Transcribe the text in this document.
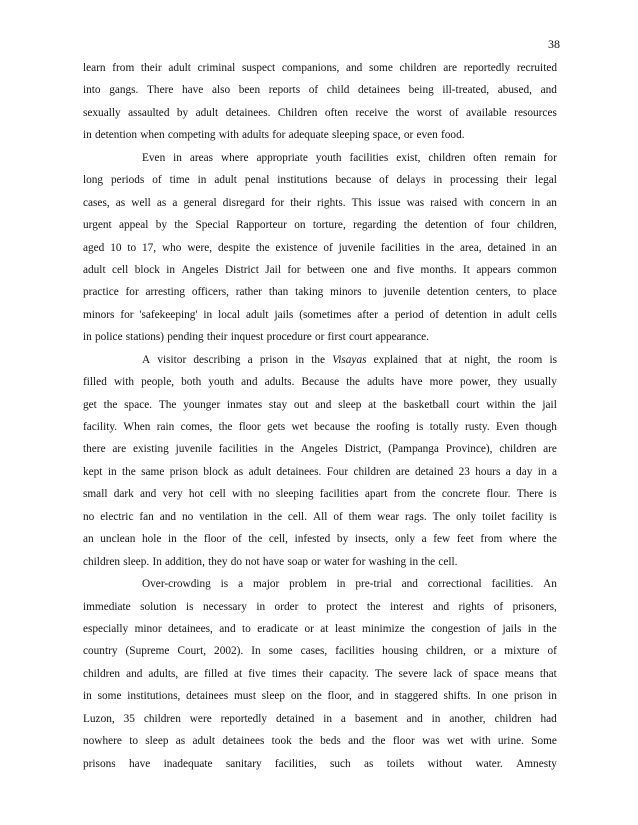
38
learn from their adult criminal suspect companions, and some children are reportedly recruited
into gangs. There have also been reports of child detainees being ill-treated, abused, and
sexually assaulted by adult detainees. Children often receive the worst of available resources
in detention when competing with adults for adequate sleeping space, or even food.
Even in areas where appropriate youth facilities exist, children often remain for
long periods of time in adult penal institutions because of delays in processing their legal
cases, as well as a general disregard for their rights. This issue was raised with concern in an
urgent appeal by the Special Rapporteur on torture, regarding the detention of four children,
aged 10 to 17, who were, despite the existence of juvenile facilities in the area, detained in an
adult cell block in Angeles District Jail for between one and five months. It appears common
practice for arresting officers, rather than taking minors to juvenile detention centers, to place
minors for 'safekeeping' in local adult jails (sometimes after a period of detention in adult cells
in police stations) pending their inquest procedure or first court appearance.
A visitor describing a prison in the Visayas explained that at night, the room is
filled with people, both youth and adults. Because the adults have more power, they usually
get the space. The younger inmates stay out and sleep at the basketball court within the jail
facility. When rain comes, the floor gets wet because the roofing is totally rusty. Even though
there are existing juvenile facilities in the Angeles District, (Pampanga Province), children are
kept in the same prison block as adult detainees. Four children are detained 23 hours a day in a
small dark and very hot cell with no sleeping facilities apart from the concrete flour. There is
no electric fan and no ventilation in the cell. All of them wear rags. The only toilet facility is
an unclean hole in the floor of the cell, infested by insects, only a few feet from where the
children sleep. In addition, they do not have soap or water for washing in the cell.
Over-crowding is a major problem in pre-trial and correctional facilities. An
immediate solution is necessary in order to protect the interest and rights of prisoners,
especially minor detainees, and to eradicate or at least minimize the congestion of jails in the
country (Supreme Court, 2002). In some cases, facilities housing children, or a mixture of
children and adults, are filled at five times their capacity. The severe lack of space means that
in some institutions, detainees must sleep on the floor, and in staggered shifts. In one prison in
Luzon, 35 children were reportedly detained in a basement and in another, children had
nowhere to sleep as adult detainees took the beds and the floor was wet with urine. Some
prisons have inadequate sanitary facilities, such as toilets without water. Amnesty
